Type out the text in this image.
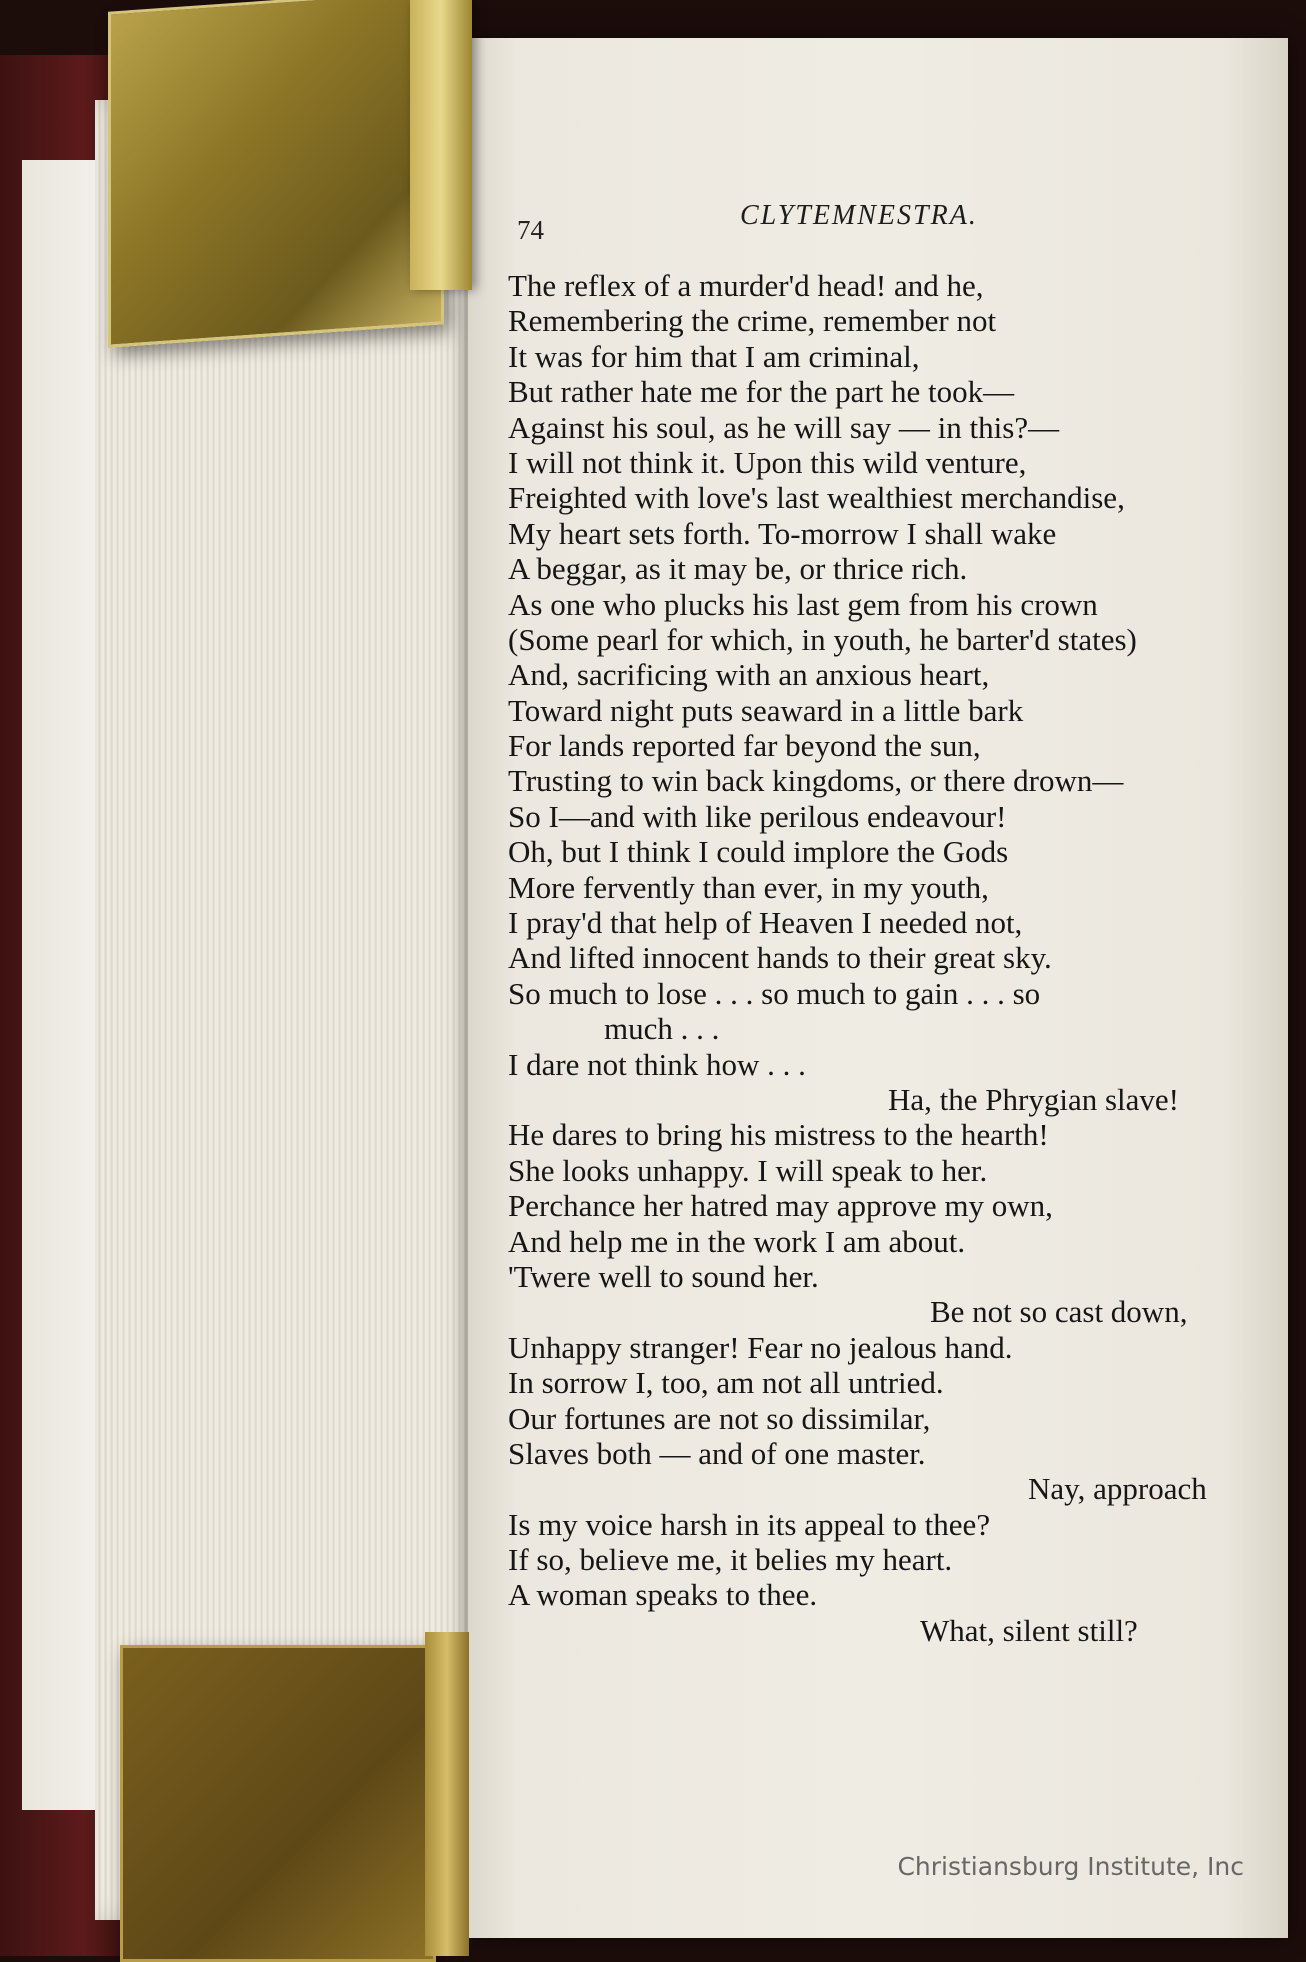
74	CLYTEMNESTRA.
The reflex of a murder'd head! and he,
Remembering the crime, remember not
It was for him that I am criminal,
But rather hate me for the part he took—
Against his soul, as he will say — in this?—
I will not think it. Upon this wild venture,
Freighted with love's last wealthiest merchandise,
My heart sets forth. To-morrow I shall wake
A beggar, as it may be, or thrice rich.
As one who plucks his last gem from his crown
(Some pearl for which, in youth, he barter'd states)
And, sacrificing with an anxious heart,
Toward night puts seaward in a little bark
For lands reported far beyond the sun,
Trusting to win back kingdoms, or there drown—
So I—and with like perilous endeavour!
Oh, but I think I could implore the Gods
More fervently than ever, in my youth,
I pray'd that help of Heaven I needed not,
And lifted innocent hands to their great sky.
So much to lose . . . so much to gain . . . so
much . . .
I dare not think how . . .
Ha, the Phrygian slave!
He dares to bring his mistress to the hearth!
She looks unhappy. I will speak to her.
Perchance her hatred may approve my own,
And help me in the work I am about.
'Twere well to sound her.
Be not so cast down,
Unhappy stranger! Fear no jealous hand.
In sorrow I, too, am not all untried.
Our fortunes are not so dissimilar,
Slaves both — and of one master.
Nay, approach
Is my voice harsh in its appeal to thee?
If so, believe me, it belies my heart.
A woman speaks to thee.
What, silent still?
Christiansburg Institute, Inc
